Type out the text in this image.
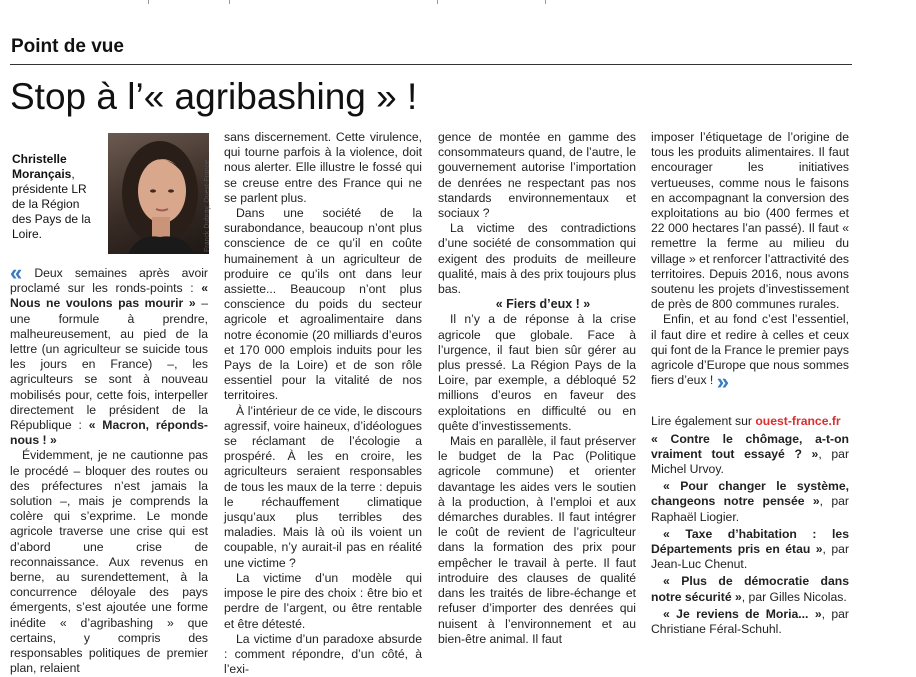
Point de vue
Stop à l’« agribashing » !
Christelle Morançais, présidente LR de la Région des Pays de la Loire.	Franck Dubray, Ouest-France

« Deux semaines après avoir proclamé sur les ronds-points : « Nous ne voulons pas mourir » – une formule à prendre, malheureusement, au pied de la lettre (un agriculteur se suicide tous les jours en France) –, les agriculteurs se sont à nouveau mobilisés pour, cette fois, interpeller directement le président de la République : « Macron, réponds-nous ! »

Évidemment, je ne cautionne pas le procédé – bloquer des routes ou des préfectures n’est jamais la solution –, mais je comprends la colère qui s’exprime. Le monde agricole traverse une crise qui est d’abord une crise de reconnaissance. Aux revenus en berne, au surendettement, à la concurrence déloyale des pays émergents, s’est ajoutée une forme inédite « d’agribashing » que certains, y compris des responsables politiques de premier plan, relaient

sans discernement. Cette virulence, qui tourne parfois à la violence, doit nous alerter. Elle illustre le fossé qui se creuse entre des France qui ne se parlent plus.

Dans une société de la surabondance, beaucoup n’ont plus conscience de ce qu’il en coûte humainement à un agriculteur de produire ce qu’ils ont dans leur assiette... Beaucoup n’ont plus conscience du poids du secteur agricole et agroalimentaire dans notre économie (20 milliards d’euros et 170 000 emplois induits pour les Pays de la Loire) et de son rôle essentiel pour la vitalité de nos territoires.

À l’intérieur de ce vide, le discours agressif, voire haineux, d’idéologues se réclamant de l’écologie a prospéré. À les en croire, les agriculteurs seraient responsables de tous les maux de la terre : depuis le réchauffement climatique jusqu’aux plus terribles des maladies. Mais là où ils voient un coupable, n’y aurait-il pas en réalité une victime ?

La victime d’un modèle qui impose le pire des choix : être bio et perdre de l’argent, ou être rentable et être détesté.

La victime d’un paradoxe absurde : comment répondre, d’un côté, à l’exi-

gence de montée en gamme des consommateurs quand, de l’autre, le gouvernement autorise l’importation de denrées ne respectant pas nos standards environnementaux et sociaux ?

La victime des contradictions d’une société de consommation qui exigent des produits de meilleure qualité, mais à des prix toujours plus bas.

« Fiers d’eux ! »

Il n’y a de réponse à la crise agricole que globale. Face à l’urgence, il faut bien sûr gérer au plus pressé. La Région Pays de la Loire, par exemple, a débloqué 52 millions d’euros en faveur des exploitations en difficulté ou en quête d’investissements.

Mais en parallèle, il faut préserver le budget de la Pac (Politique agricole commune) et orienter davantage les aides vers le soutien à la production, à l’emploi et aux démarches durables. Il faut intégrer le coût de revient de l’agriculteur dans la formation des prix pour empêcher le travail à perte. Il faut introduire des clauses de qualité dans les traités de libre-échange et refuser d’importer des denrées qui nuisent à l’environnement et au bien-être animal. Il faut

imposer l’étiquetage de l’origine de tous les produits alimentaires. Il faut encourager les initiatives vertueuses, comme nous le faisons en accompagnant la conversion des exploitations au bio (400 fermes et 22 000 hectares l’an passé). Il faut « remettre la ferme au milieu du village » et renforcer l’attractivité des territoires. Depuis 2016, nous avons soutenu les projets d’investissement de près de 800 communes rurales.

Enfin, et au fond c’est l’essentiel, il faut dire et redire à celles et ceux qui font de la France le premier pays agricole d’Europe que nous sommes fiers d’eux ! »

Lire également sur ouest-france.fr

« Contre le chômage, a-t-on vraiment tout essayé ? », par Michel Urvoy.

« Pour changer le système, changeons notre pensée », par Raphaël Liogier.

« Taxe d’habitation : les Départements pris en étau », par Jean-Luc Chenut.

« Plus de démocratie dans notre sécurité », par Gilles Nicolas.

« Je reviens de Moria... », par Christiane Féral-Schuhl.
